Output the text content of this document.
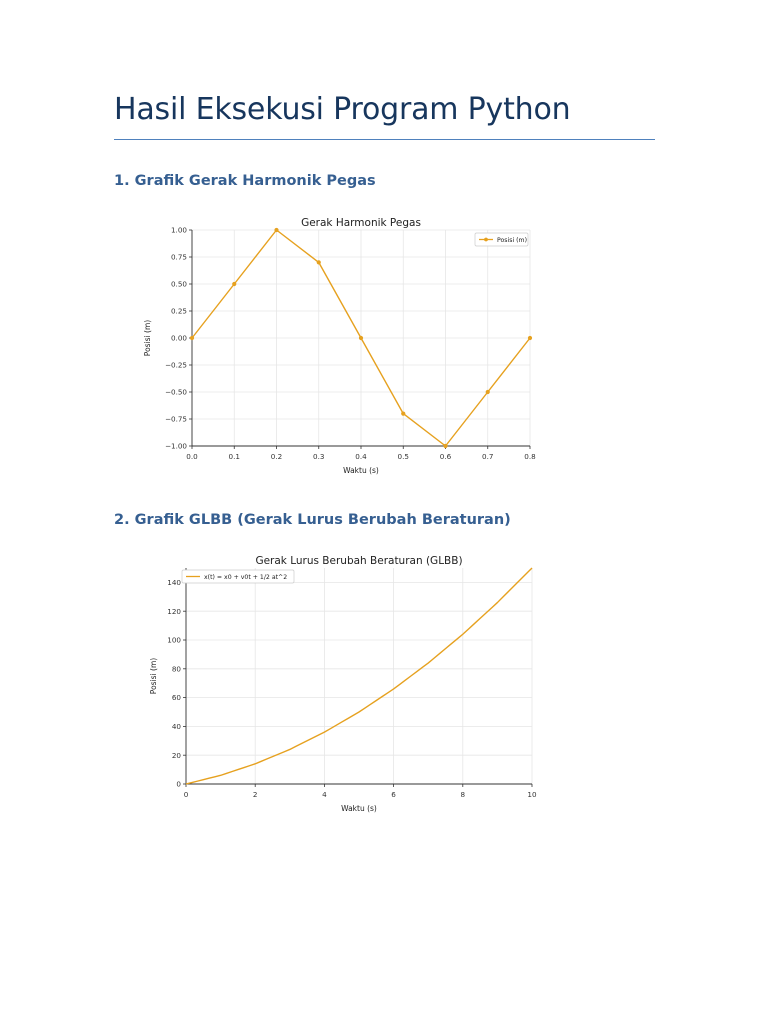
Hasil Eksekusi Program Python
1. Grafik Gerak Harmonik Pegas
Gerak Harmonik Pegas
0.0	0.1	0.2	0.3	0.4	0.5	0.6	0.7	0.8
1.00
0.75
0.50
0.25
0.00
−0.25
−0.50
−0.75
−1.00
Waktu (s)
Posisi (m)
Posisi (m)
2. Grafik GLBB (Gerak Lurus Berubah Beraturan)
Gerak Lurus Berubah Beraturan (GLBB)
0	2	4	6	8	10
0
20
40
60
80
100
120
140
Waktu (s)
Posisi (m)
x(t) = x0 + v0t + 1/2 at^2
